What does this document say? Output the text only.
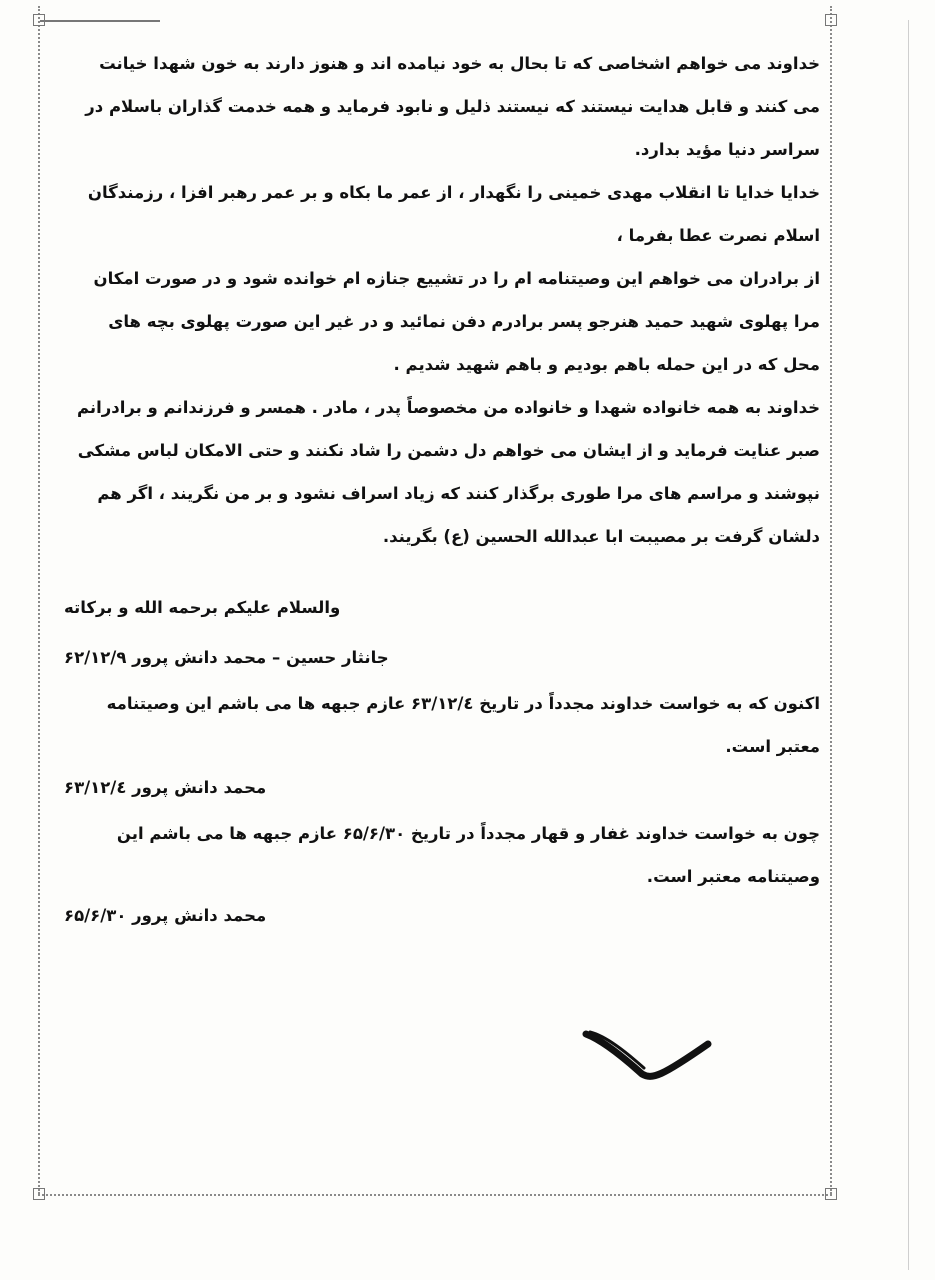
خداوند می خواهم اشخاصی که تا بحال به خود نیامده اند و هنوز دارند به خون شهدا خیانت
می کنند و قابل هدایت نیستند که نیستند ذلیل و نابود فرماید و همه خدمت گذاران باسلام در
سراسر دنیا مؤید بدارد.
خدایا خدایا تا انقلاب مهدی خمینی را نگهدار ، از عمر ما بکاه و بر عمر رهبر افزا ، رزمندگان
اسلام نصرت عطا بفرما ،
از برادران می خواهم این وصیتنامه ام را در تشییع جنازه ام خوانده شود و در صورت امکان
مرا پهلوی شهید حمید هنرجو پسر برادرم دفن نمائید و در غیر این صورت پهلوی بچه های
محل که در این حمله باهم بودیم و باهم شهید شدیم .
خداوند به همه خانواده شهدا و خانواده من مخصوصاً پدر ، مادر . همسر و فرزندانم و برادرانم
صبر عنایت فرماید و از ایشان می خواهم دل دشمن را شاد نکنند و حتی الامکان لباس مشکی
نپوشند و مراسم های مرا طوری برگذار کنند که زیاد اسراف نشود و بر من نگریند ، اگر هم
دلشان گرفت بر مصیبت ابا عبدالله الحسین (ع) بگریند.
والسلام علیکم برحمه الله و برکاته
جانثار حسین – محمد دانش پرور ۶۲/۱۲/۹
اکنون که به خواست خداوند مجدداً در تاریخ ۶۳/۱۲/٤ عازم جبهه ها می باشم این وصیتنامه
معتبر است.
محمد دانش پرور ۶۳/۱۲/٤
چون به خواست خداوند غفار و قهار مجدداً در تاریخ ۶۵/۶/۳۰ عازم جبهه ها می باشم این
وصیتنامه معتبر است.
محمد دانش پرور ۶۵/۶/۳۰
